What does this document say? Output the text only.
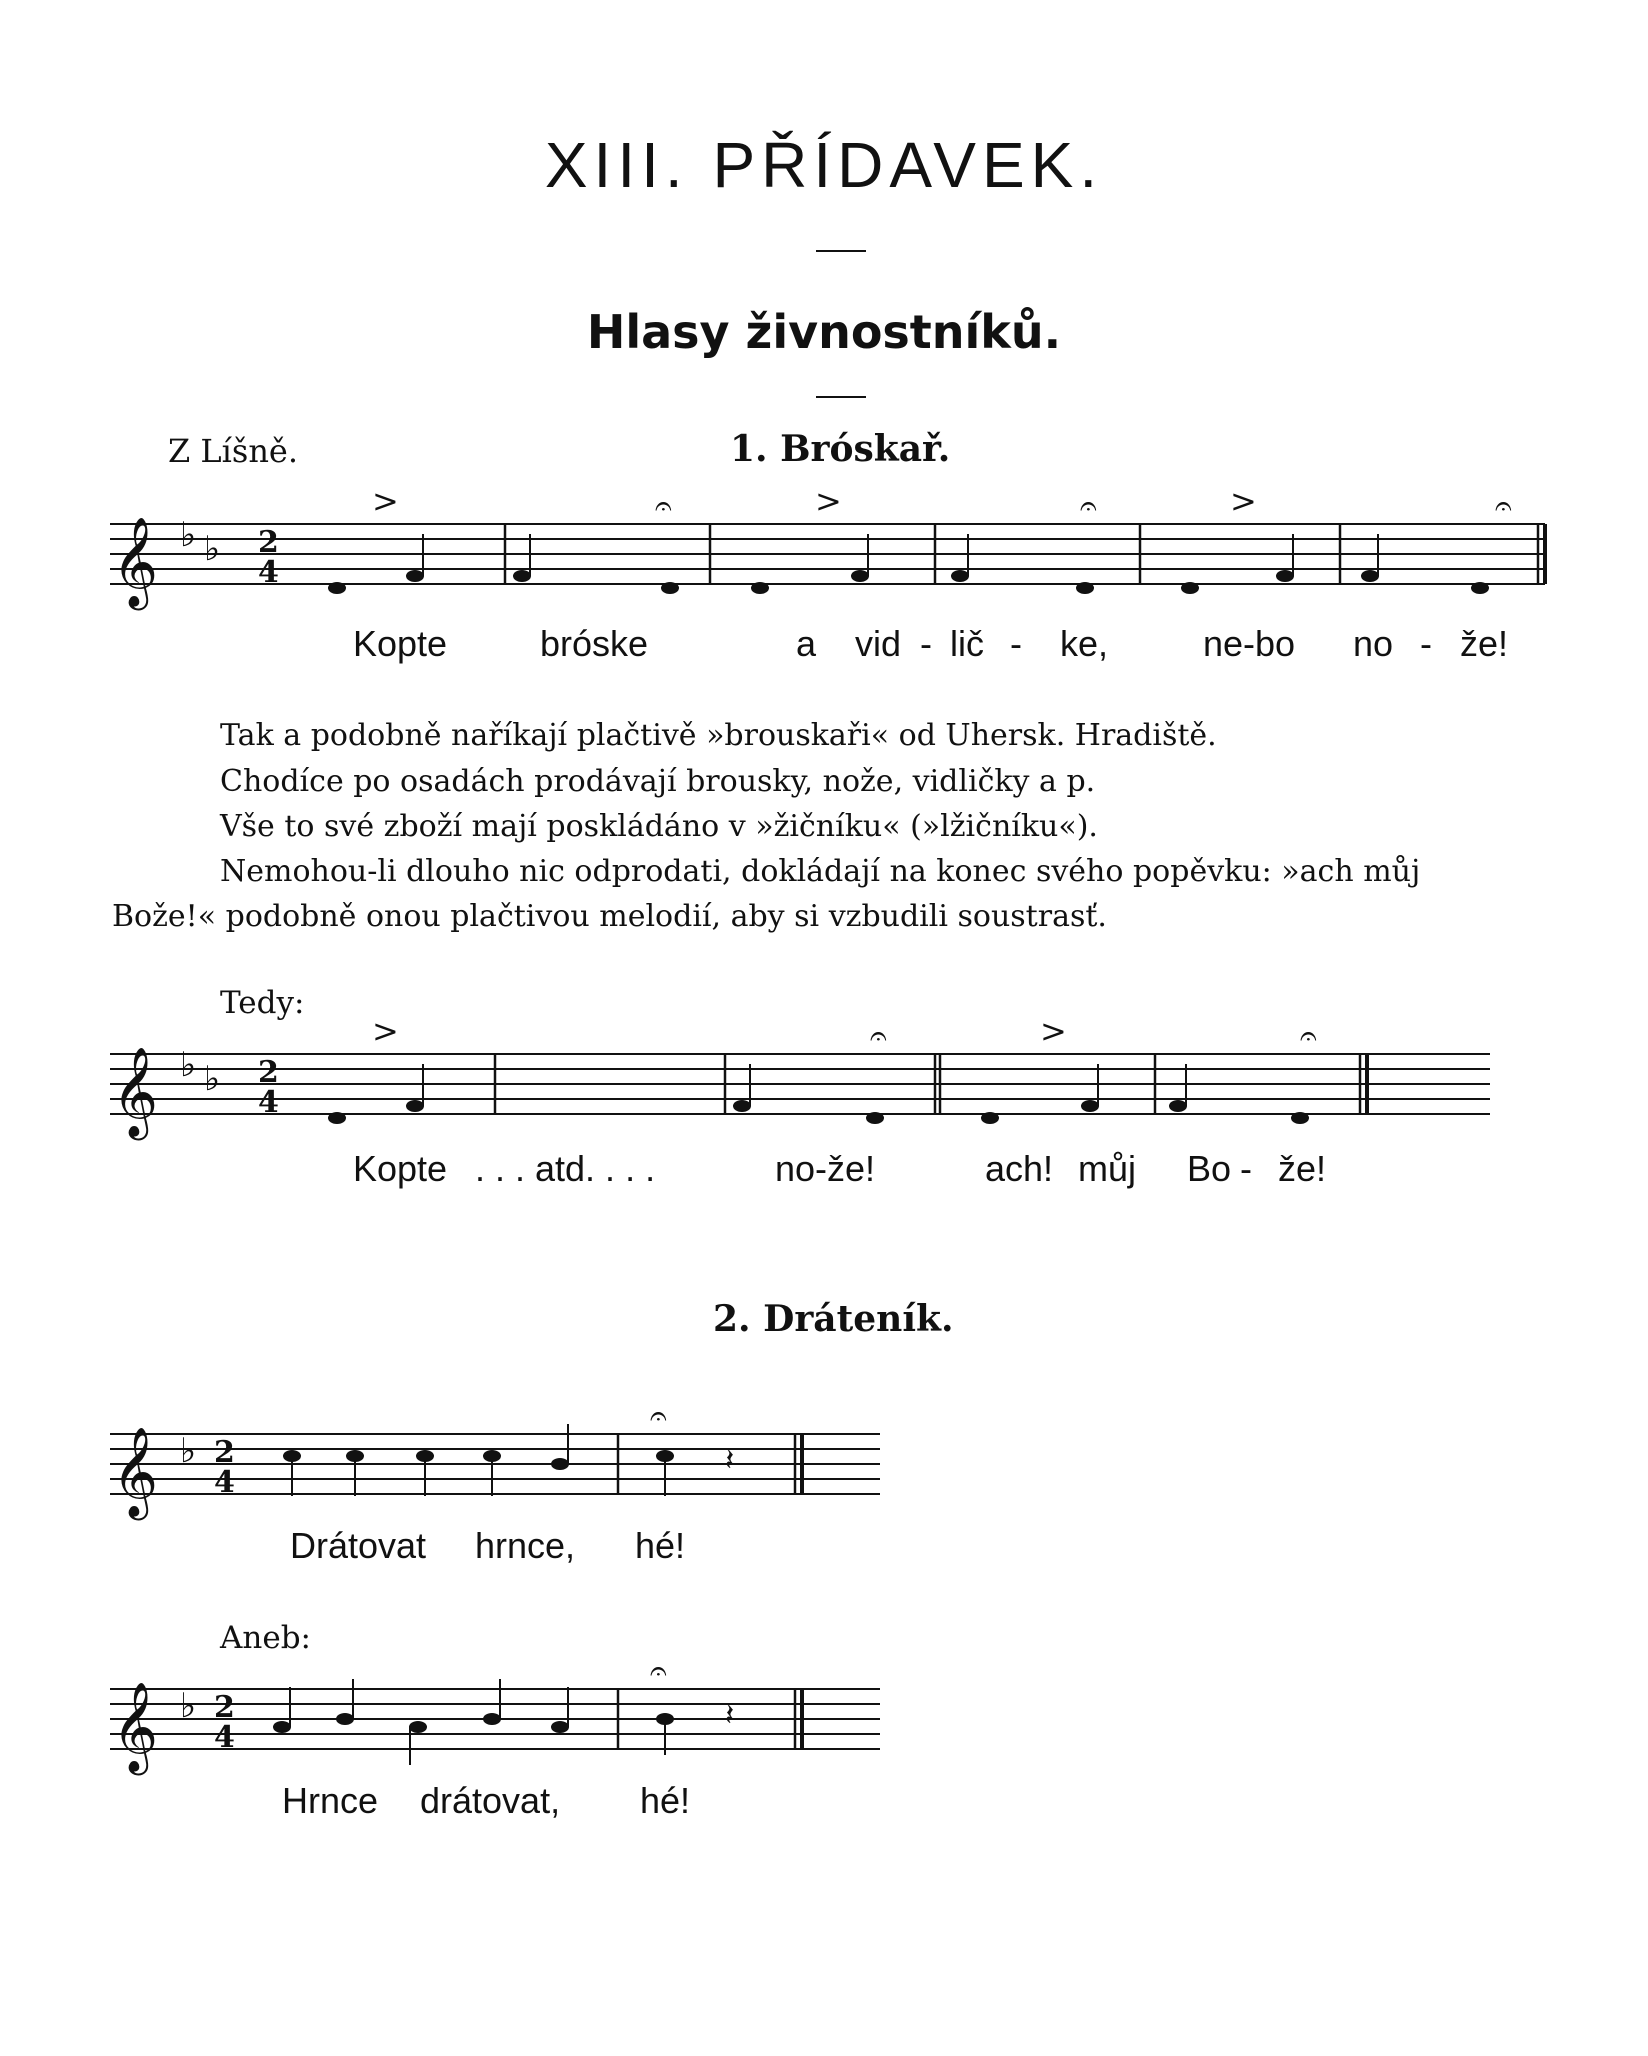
XIII. PŘÍDAVEK.
Hlasy živnostníků.
Z Líšně.	1. Bróskař.
𝄞 ♭ ♭ 2
4
>	>	>
𝄐	𝄐	𝄐
Kopte	bróske	a vid - lič - ke,	ne-bo no - že!
Tak a podobně naříkají plačtivě »brouskaři« od Uhersk. Hradiště.
Chodíce po osadách prodávají brousky, nože, vidličky a p.
Vše to své zboží mají poskládáno v »žičníku« (»lžičníku«).
Nemohou-li dlouho nic odprodati, dokládají na konec svého popěvku: »ach můj
Bože!« podobně onou plačtivou melodií, aby si vzbudili soustrasť.
Tedy:
𝄞 ♭ ♭ 2
4
>	>
𝄐	𝄐
Kopte . . . atd. . . .	no-že!	ach! můj Bo - že!
2. Dráteník.
𝄞 ♭ 2
4
𝄐
𝄽
Drátovat hrnce, hé!
Aneb:
𝄞 ♭ 2
4
𝄐
𝄽
Hrnce drátovat, hé!
